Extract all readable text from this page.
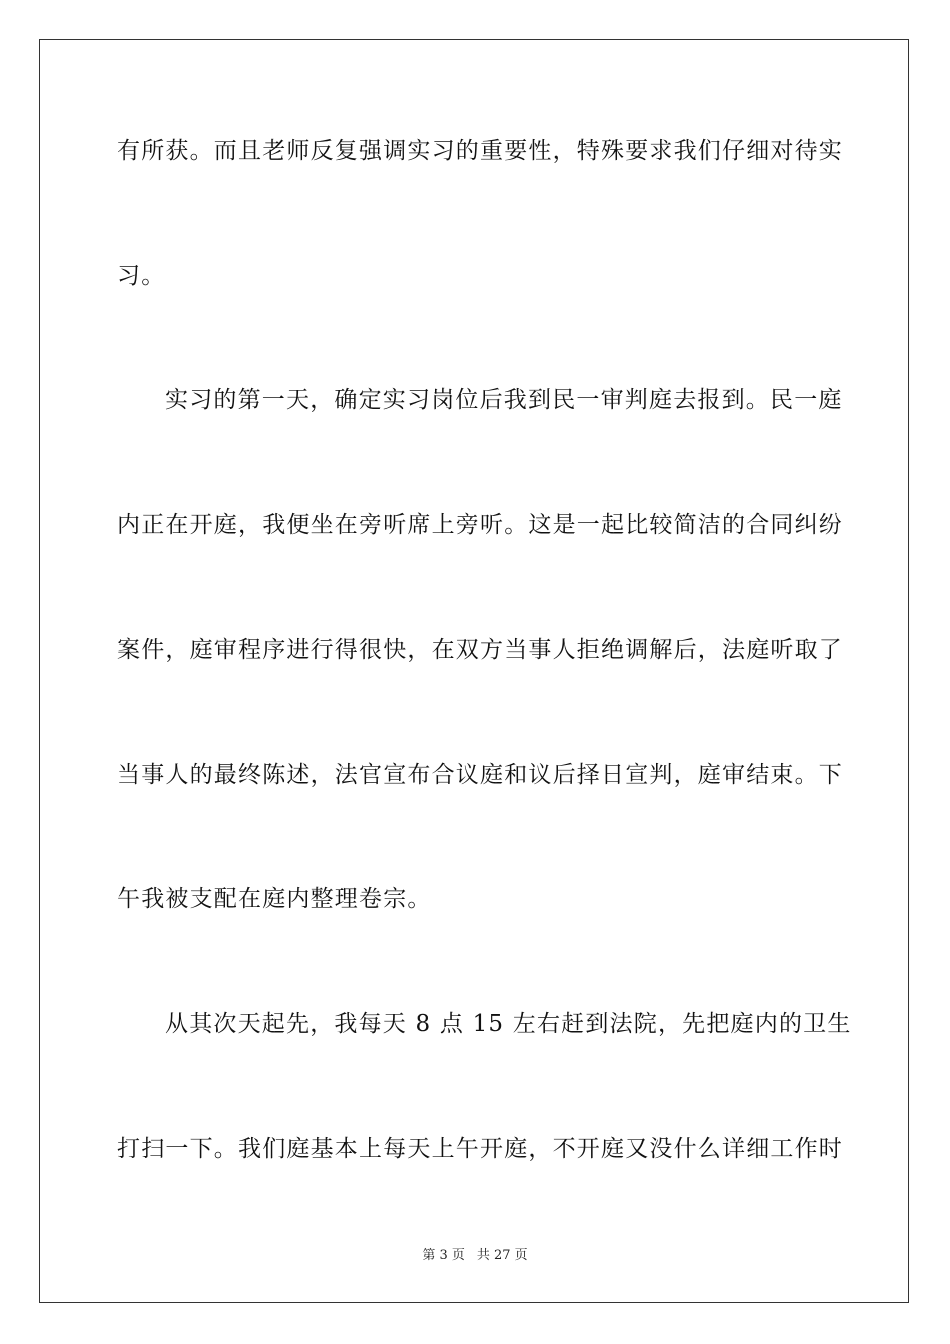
有所获。而且老师反复强调实习的重要性，特殊要求我们仔细对待实
习。
实习的第一天，确定实习岗位后我到民一审判庭去报到。民一庭
内正在开庭，我便坐在旁听席上旁听。这是一起比较简洁的合同纠纷
案件，庭审程序进行得很快，在双方当事人拒绝调解后，法庭听取了
当事人的最终陈述，法官宣布合议庭和议后择日宣判，庭审结束。下
午我被支配在庭内整理卷宗。
从其次天起先，我每天 8 点 15 左右赶到法院，先把庭内的卫生
打扫一下。我们庭基本上每天上午开庭，不开庭又没什么详细工作时
第 3 页 共 27 页
